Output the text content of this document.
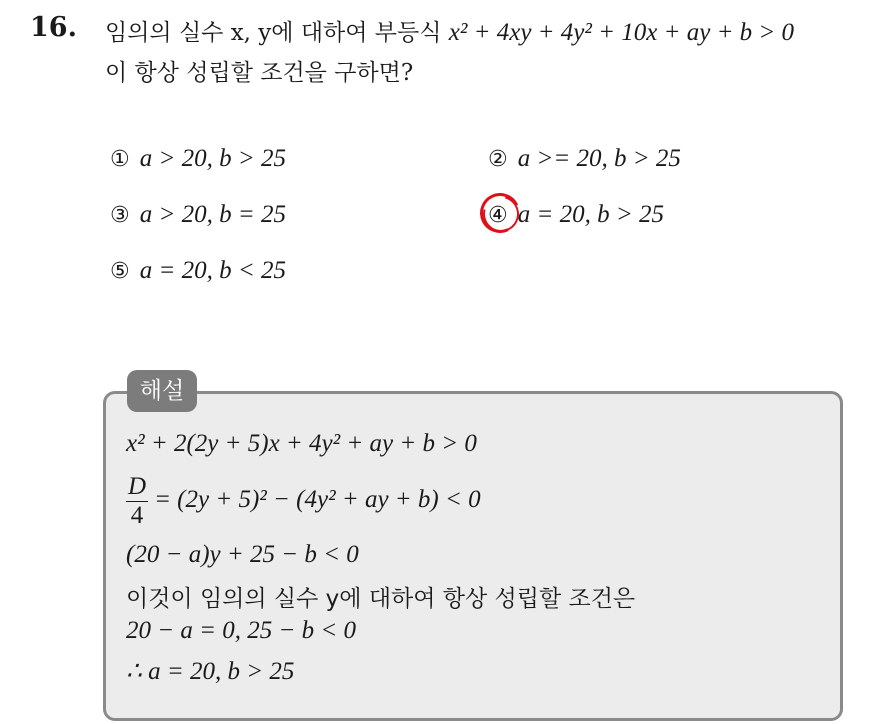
16. 임의의 실수 x, y에 대하여 부등식 x² + 4xy + 4y² + 10x + ay + b > 0
이 항상 성립할 조건을 구하면?
① a > 20, b > 25	② a >= 20, b > 25
③ a > 20, b = 25	④ a = 20, b > 25
⑤ a = 20, b < 25
해설
x² + 2(2y + 5)x + 4y² + ay + b > 0
$\frac{D}{4} = (2y + 5)^2 - (4y^2$ + ay + b) < 0
(20 − a)y + 25 − b < 0
이것이 임의의 실수 y에 대하여 항상 성립할 조건은
20 − a = 0, 25 − b < 0
∴ a = 20, b > 25
